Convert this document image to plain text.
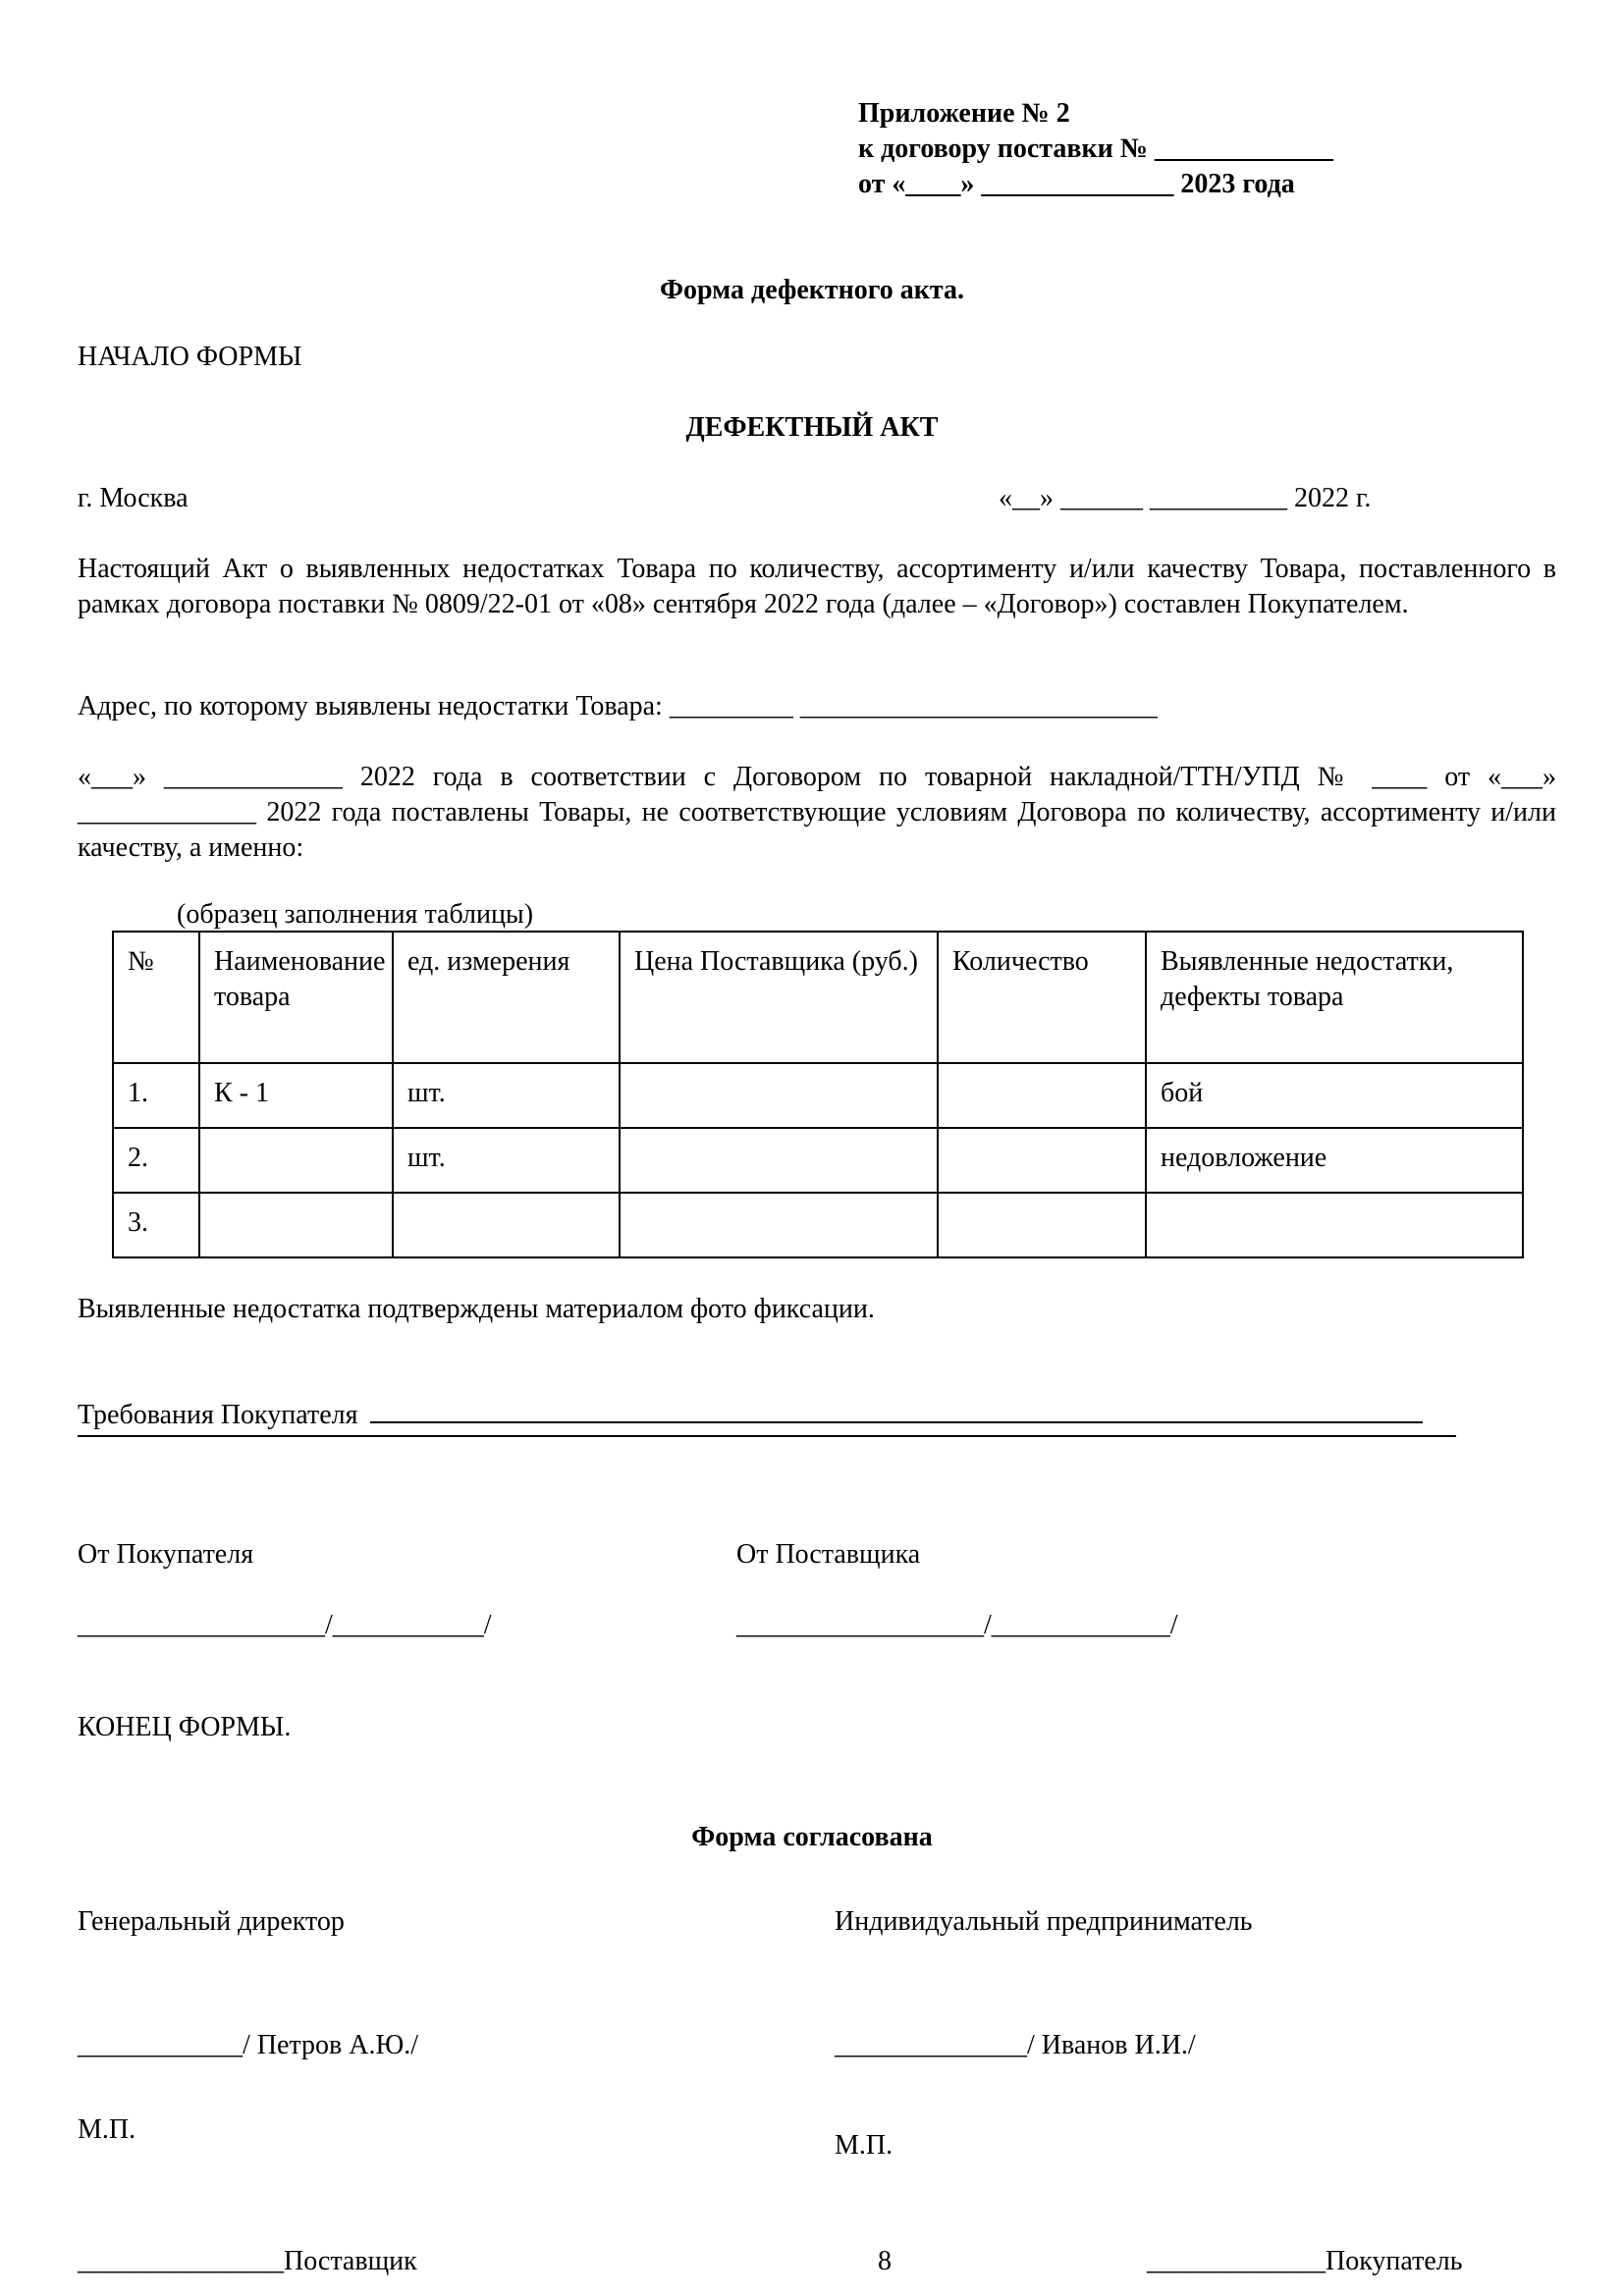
Приложение № 2
к договору поставки № _____________
от «____» ______________ 2023 года
Форма дефектного акта.
НАЧАЛО ФОРМЫ
ДЕФЕКТНЫЙ АКТ
г. Москва	«__» ______ __________ 2022 г.
Настоящий Акт о выявленных недостатках Товара по количеству, ассортименту и/или качеству Товара, поставленного в рамках договора поставки № 0809/22-01 от «08» сентября 2022 года (далее – «Договор») составлен Покупателем.
Адрес, по которому выявлены недостатки Товара: _________ __________________________
«___» _____________ 2022 года в соответствии с Договором по товарной накладной/ТТН/УПД № ____ от «___» _____________ 2022 года поставлены Товары, не соответствующие условиям Договора по количеству, ассортименту и/или качеству, а именно:
(образец заполнения таблицы)
№	Наименование товара	ед. измерения	Цена Поставщика (руб.)	Количество	Выявленные недостатки, дефекты товара
1.	К - 1	шт.			бой
2.		шт.			недовложение
3.					
Выявленные недостатка подтверждены материалом фото фиксации.
Требования Покупателя
От Покупателя	От Поставщика
__________________/___________/	__________________/_____________/
КОНЕЦ ФОРМЫ.
Форма согласована
Генеральный директор	Индивидуальный предприниматель
____________/ Петров А.Ю./	______________/ Иванов И.И./
М.П.
М.П.
_______________Поставщик	8	_____________Покупатель
